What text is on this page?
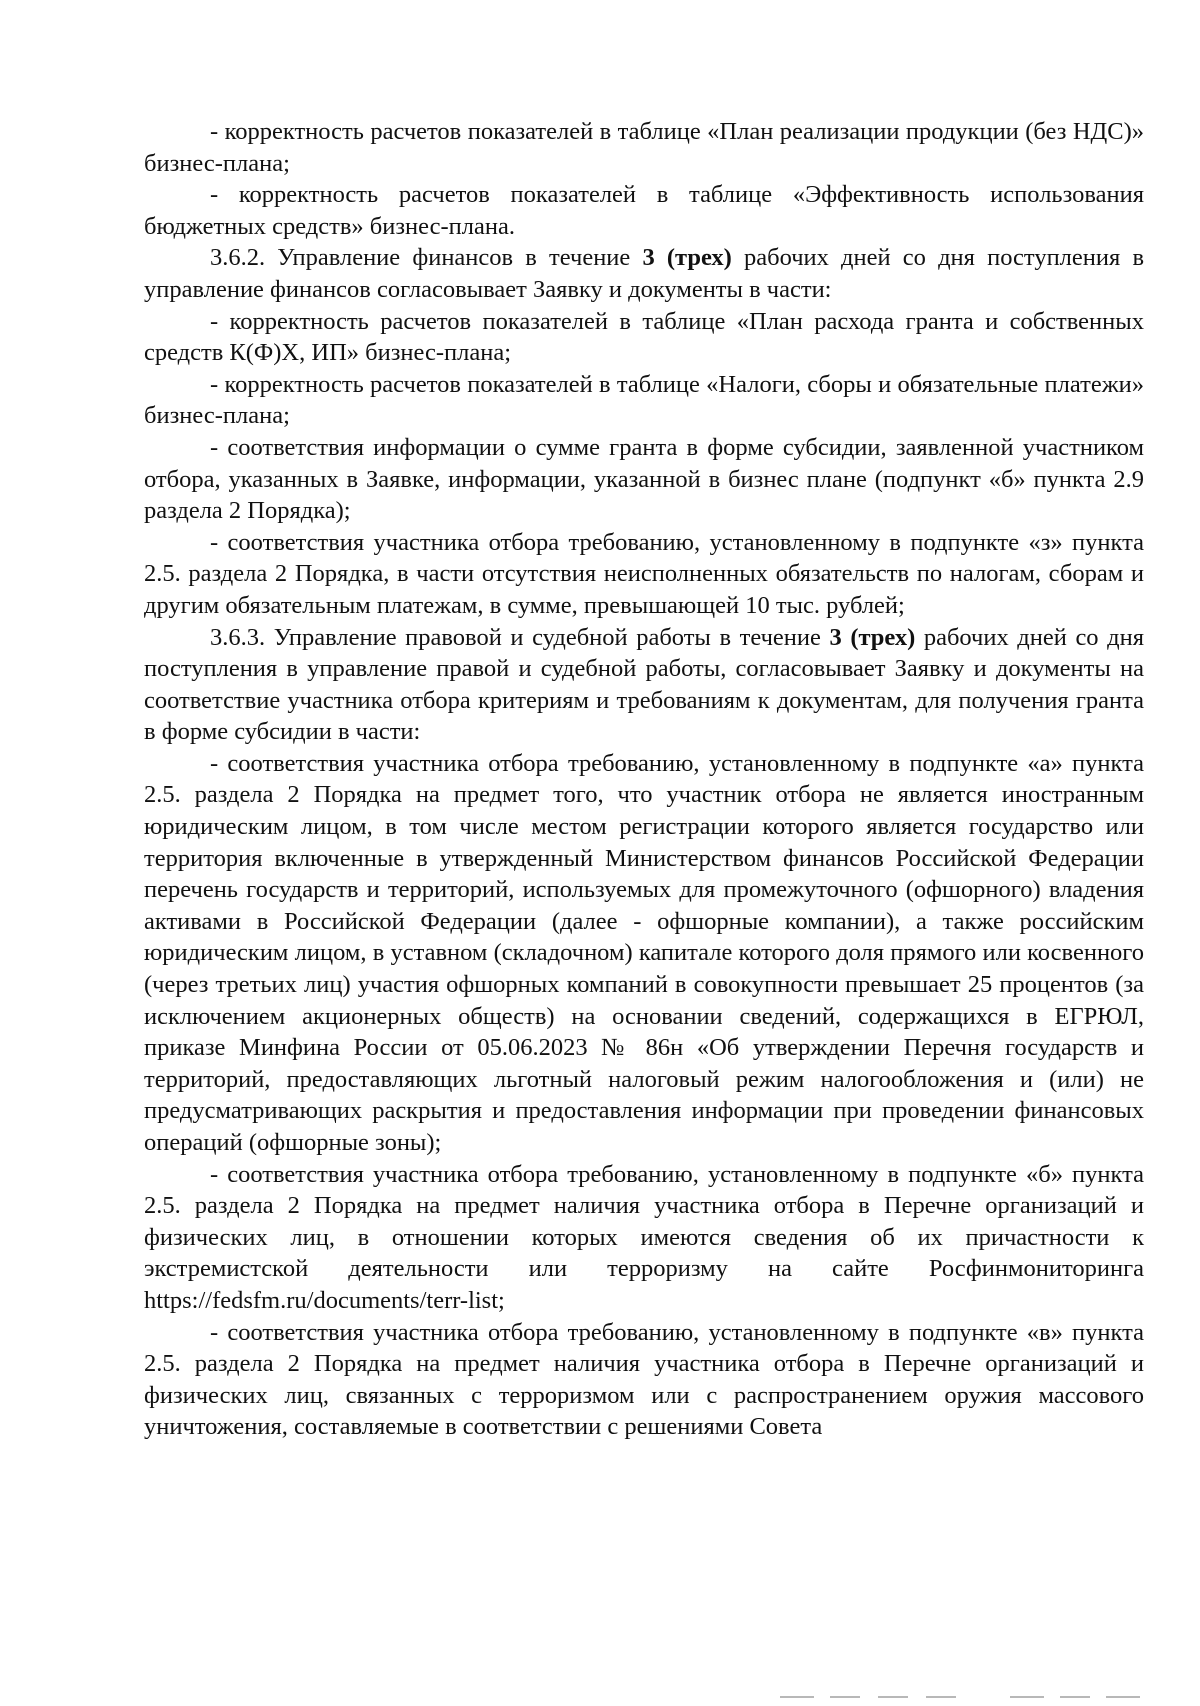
- корректность расчетов показателей в таблице «План реализации продукции (без НДС)» бизнес-плана;

- корректность расчетов показателей в таблице «Эффективность использования бюджетных средств» бизнес-плана.

3.6.2. Управление финансов в течение 3 (трех) рабочих дней со дня поступления в управление финансов согласовывает Заявку и документы в части:

- корректность расчетов показателей в таблице «План расхода гранта и собственных средств К(Ф)Х, ИП» бизнес-плана;

- корректность расчетов показателей в таблице «Налоги, сборы и обязательные платежи» бизнес-плана;

- соответствия информации о сумме гранта в форме субсидии, заявленной участником отбора, указанных в Заявке, информации, указанной в бизнес плане (подпункт «б» пункта 2.9 раздела 2 Порядка);

- соответствия участника отбора требованию, установленному в подпункте «з» пункта 2.5. раздела 2 Порядка, в части отсутствия неисполненных обязательств по налогам, сборам и другим обязательным платежам, в сумме, превышающей 10 тыс. рублей;

3.6.3. Управление правовой и судебной работы в течение 3 (трех) рабочих дней со дня поступления в управление правой и судебной работы, согласовывает Заявку и документы на соответствие участника отбора критериям и требованиям к документам, для получения гранта в форме субсидии в части:

- соответствия участника отбора требованию, установленному в подпункте «а» пункта 2.5. раздела 2 Порядка на предмет того, что участник отбора не является иностранным юридическим лицом, в том числе местом регистрации которого является государство или территория включенные в утвержденный Министерством финансов Российской Федерации перечень государств и территорий, используемых для промежуточного (офшорного) владения активами в Российской Федерации (далее - офшорные компании), а также российским юридическим лицом, в уставном (складочном) капитале которого доля прямого или косвенного (через третьих лиц) участия офшорных компаний в совокупности превышает 25 процентов (за исключением акционерных обществ) на основании сведений, содержащихся в ЕГРЮЛ, приказе Минфина России от 05.06.2023 № 86н «Об утверждении Перечня государств и территорий, предоставляющих льготный налоговый режим налогообложения и (или) не предусматривающих раскрытия и предоставления информации при проведении финансовых операций (офшорные зоны);

- соответствия участника отбора требованию, установленному в подпункте «б» пункта 2.5. раздела 2 Порядка на предмет наличия участника отбора в Перечне организаций и физических лиц, в отношении которых имеются сведения об их причастности к экстремистской деятельности или терроризму на сайте Росфинмониторинга https://fedsfm.ru/documents/terr-list;

- соответствия участника отбора требованию, установленному в подпункте «в» пункта 2.5. раздела 2 Порядка на предмет наличия участника отбора в Перечне организаций и физических лиц, связанных с терроризмом или с распространением оружия массового уничтожения, составляемые в соответствии с решениями Совета
